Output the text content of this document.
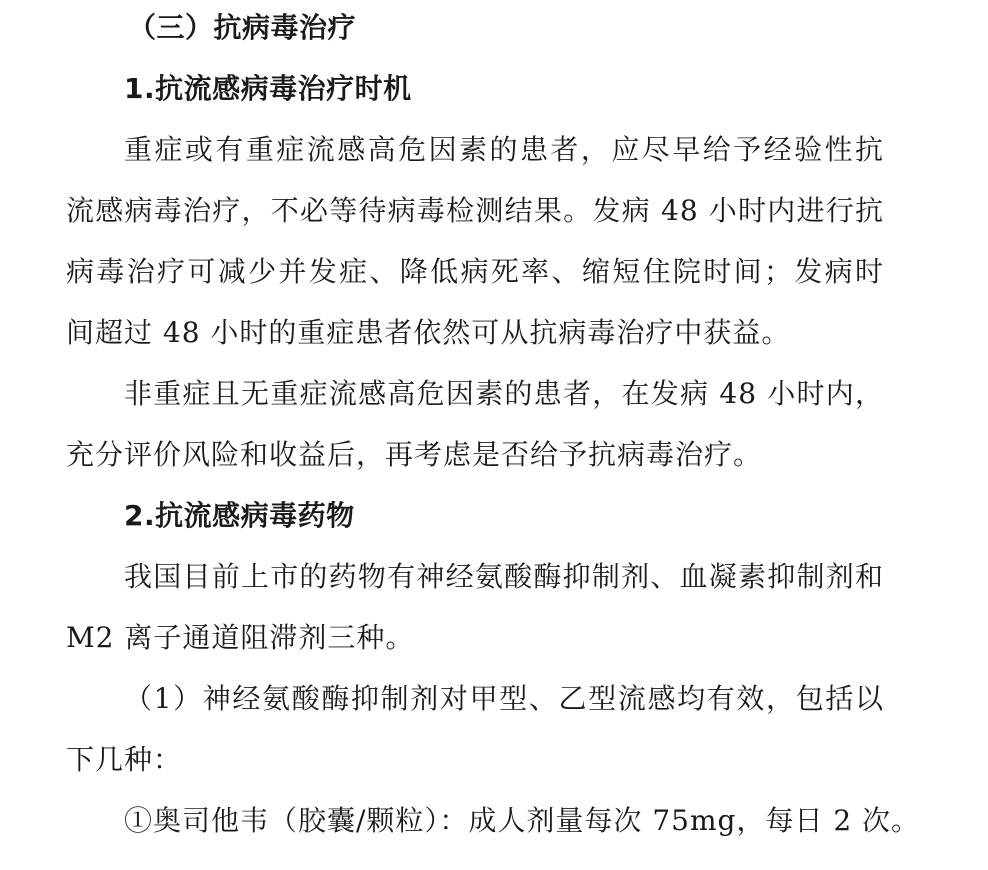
（三）抗病毒治疗
1.抗流感病毒治疗时机
重症或有重症流感高危因素的患者，应尽早给予经验性抗
流感病毒治疗，不必等待病毒检测结果。发病 48 小时内进行抗
病毒治疗可减少并发症、降低病死率、缩短住院时间；发病时
间超过 48 小时的重症患者依然可从抗病毒治疗中获益。
非重症且无重症流感高危因素的患者，在发病 48 小时内，
充分评价风险和收益后，再考虑是否给予抗病毒治疗。
2.抗流感病毒药物
我国目前上市的药物有神经氨酸酶抑制剂、血凝素抑制剂和
M2 离子通道阻滞剂三种。
（1）神经氨酸酶抑制剂对甲型、乙型流感均有效，包括以
下几种：
①奥司他韦（胶囊/颗粒）：成人剂量每次 75mg，每日 2 次。
